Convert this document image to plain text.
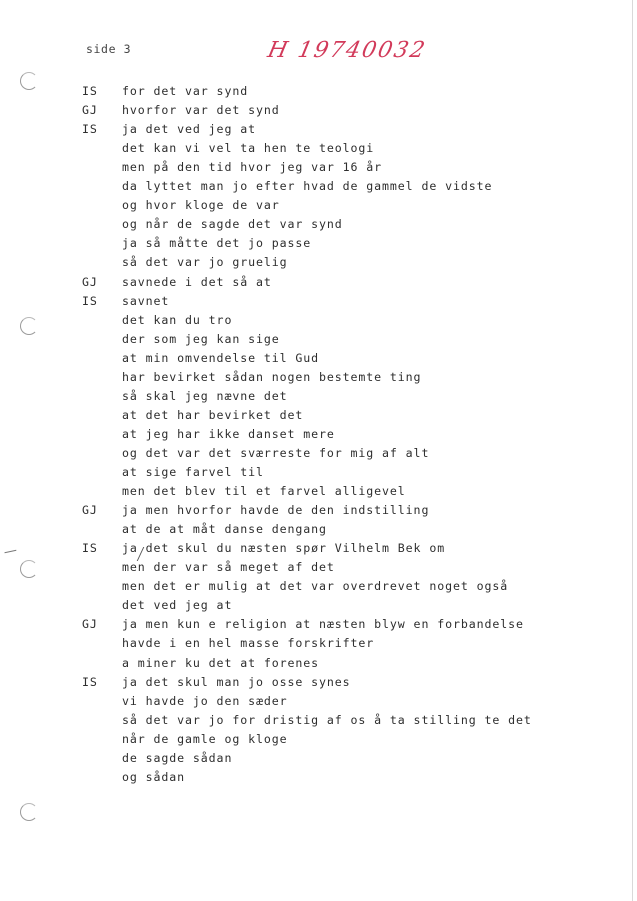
side 3	H 19740032
IS for det var synd
GJ hvorfor var det synd
IS ja det ved jeg at
det kan vi vel ta hen te teologi
men på den tid hvor jeg var 16 år
da lyttet man jo efter hvad de gammel de vidste
og hvor kloge de var
og når de sagde det var synd
ja så måtte det jo passe
så det var jo gruelig
GJ savnede i det så at
IS savnet
det kan du tro
der som jeg kan sige
at min omvendelse til Gud
har bevirket sådan nogen bestemte ting
så skal jeg nævne det
at det har bevirket det
at jeg har ikke danset mere
og det var det sværreste for mig af alt
at sige farvel til
men det blev til et farvel alligevel
GJ ja men hvorfor havde de den indstilling
at de at måt danse dengang
IS ja det skul du næsten spør Vilhelm Bek om
men der var så meget af det
men det er mulig at det var overdrevet noget også
det ved jeg at
GJ ja men kun e religion at næsten blyw en forbandelse
havde i en hel masse forskrifter
a miner ku det at forenes
IS ja det skul man jo osse synes
vi havde jo den sæder
så det var jo for dristig af os å ta stilling te det
når de gamle og kloge
de sagde sådan
og sådan
